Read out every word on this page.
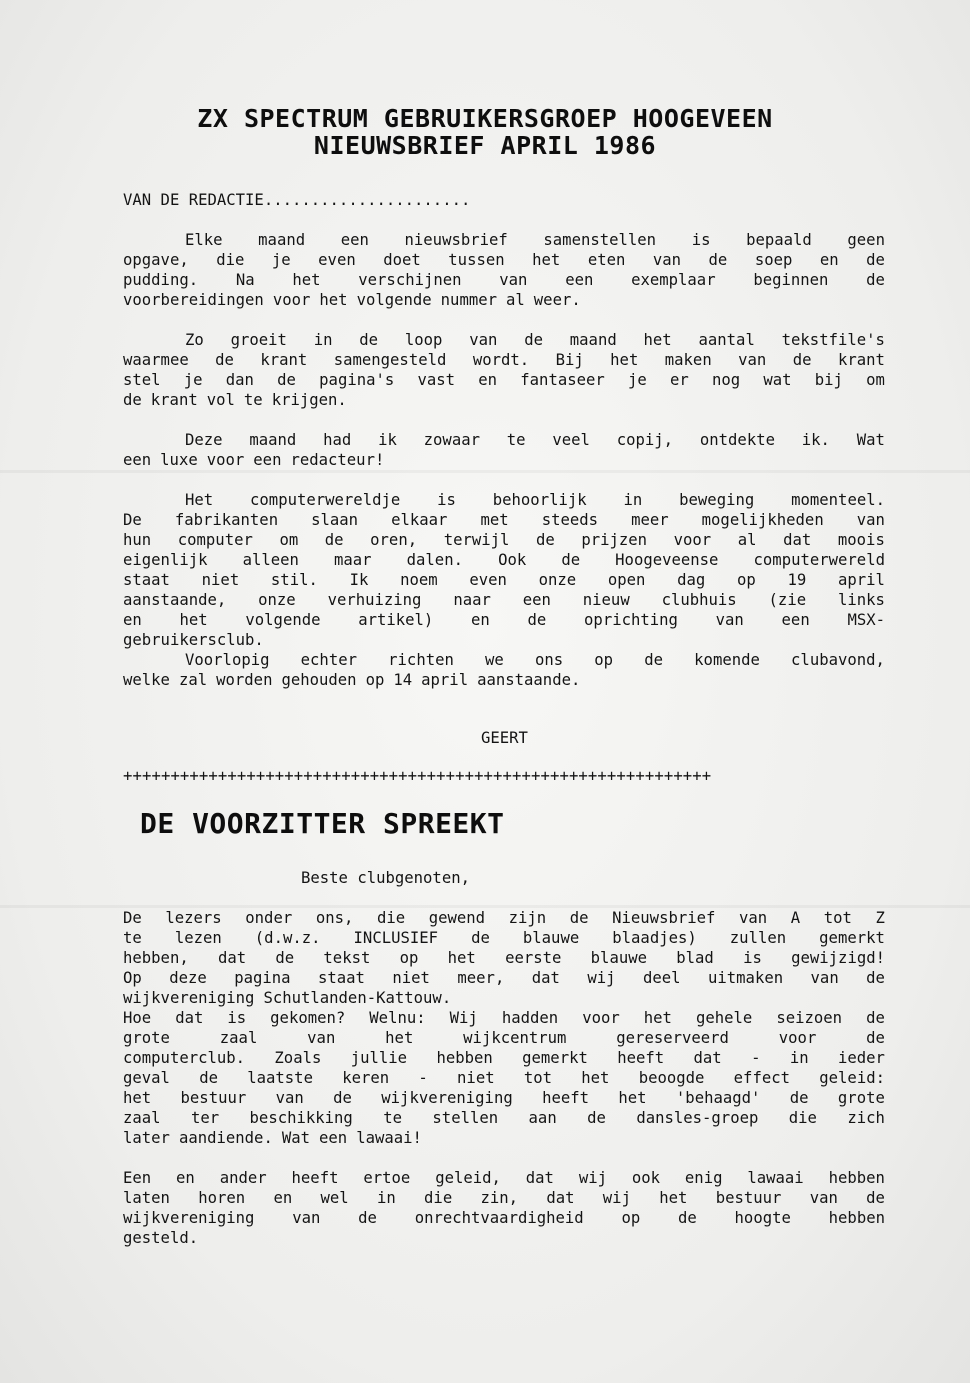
ZX SPECTRUM GEBRUIKERSGROEP HOOGEVEEN
NIEUWSBRIEF APRIL 1986
VAN DE REDACTIE......................
Elke maand een nieuwsbrief samenstellen is bepaald geen
opgave, die je even doet tussen het eten van de soep en de
pudding. Na het verschijnen van een exemplaar beginnen de
voorbereidingen voor het volgende nummer al weer.
Zo groeit in de loop van de maand het aantal tekstfile's
waarmee de krant samengesteld wordt. Bij het maken van de krant
stel je dan de pagina's vast en fantaseer je er nog wat bij om
de krant vol te krijgen.
Deze maand had ik zowaar te veel copij, ontdekte ik. Wat
een luxe voor een redacteur!
Het computerwereldje is behoorlijk in beweging momenteel.
De fabrikanten slaan elkaar met steeds meer mogelijkheden van
hun computer om de oren, terwijl de prijzen voor al dat moois
eigenlijk alleen maar dalen. Ook de Hoogeveense computerwereld
staat niet stil. Ik noem even onze open dag op 19 april
aanstaande, onze verhuizing naar een nieuw clubhuis (zie links
en het volgende artikel) en de oprichting van een MSX-
gebruikersclub.
Voorlopig echter richten we ons op de komende clubavond,
welke zal worden gehouden op 14 april aanstaande.
GEERT
++++++++++++++++++++++++++++++++++++++++++++++++++++++++++++++
DE VOORZITTER SPREEKT
Beste clubgenoten,
De lezers onder ons, die gewend zijn de Nieuwsbrief van A tot Z
te lezen (d.w.z. INCLUSIEF de blauwe blaadjes) zullen gemerkt
hebben, dat de tekst op het eerste blauwe blad is gewijzigd!
Op deze pagina staat niet meer, dat wij deel uitmaken van de
wijkvereniging Schutlanden-Kattouw.
Hoe dat is gekomen? Welnu: Wij hadden voor het gehele seizoen de
grote	zaal	van	het	wijkcentrum	gereserveerd	voor	de
computerclub. Zoals jullie hebben gemerkt heeft dat - in ieder
geval de laatste keren - niet tot het beoogde effect geleid:
het bestuur van de wijkvereniging heeft het 'behaagd' de grote
zaal ter beschikking te stellen aan de dansles-groep die zich
later aandiende. Wat een lawaai!
Een en ander heeft ertoe geleid, dat wij ook enig lawaai hebben
laten horen en wel in die zin, dat wij het bestuur van de
wijkvereniging van de onrechtvaardigheid op de hoogte hebben
gesteld.
